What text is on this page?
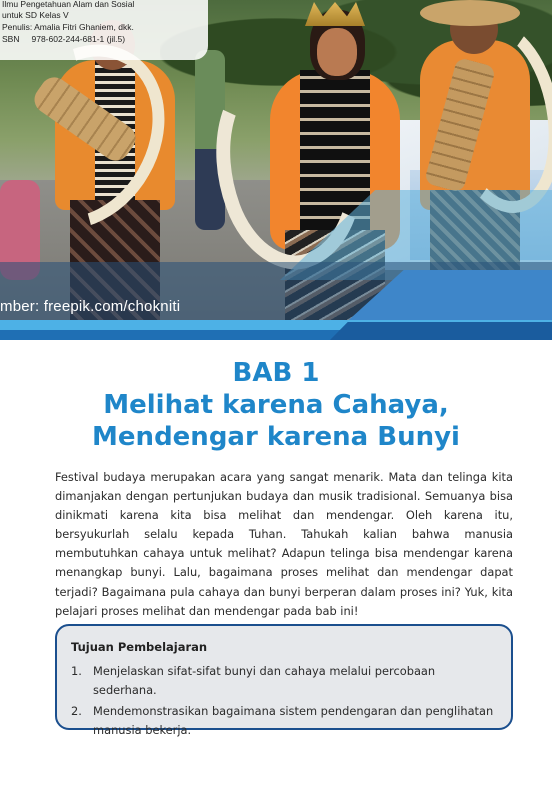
mber: freepik.com/chokniti
Ilmu Pengetahuan Alam dan Sosial
untuk SD Kelas V
Penulis: Amalia Fitri Ghaniem, dkk.
SBN 978-602-244-681-1 (jil.5)
BAB 1
Melihat karena Cahaya,
Mendengar karena Bunyi
Festival budaya merupakan acara yang sangat menarik. Mata dan telinga kita dimanjakan dengan pertunjukan budaya dan musik tradisional. Semuanya bisa dinikmati karena kita bisa melihat dan mendengar. Oleh karena itu, bersyukurlah selalu kepada Tuhan. Tahukah kalian bahwa manusia membutuhkan cahaya untuk melihat? Adapun telinga bisa mendengar karena menangkap bunyi. Lalu, bagaimana proses melihat dan mendengar dapat terjadi? Bagaimana pula cahaya dan bunyi berperan dalam proses ini? Yuk, kita pelajari proses melihat dan mendengar pada bab ini!
Tujuan Pembelajaran
1. Menjelaskan sifat-sifat bunyi dan cahaya melalui percobaan sederhana.
2. Mendemonstrasikan bagaimana sistem pendengaran dan penglihatan manusia bekerja.
